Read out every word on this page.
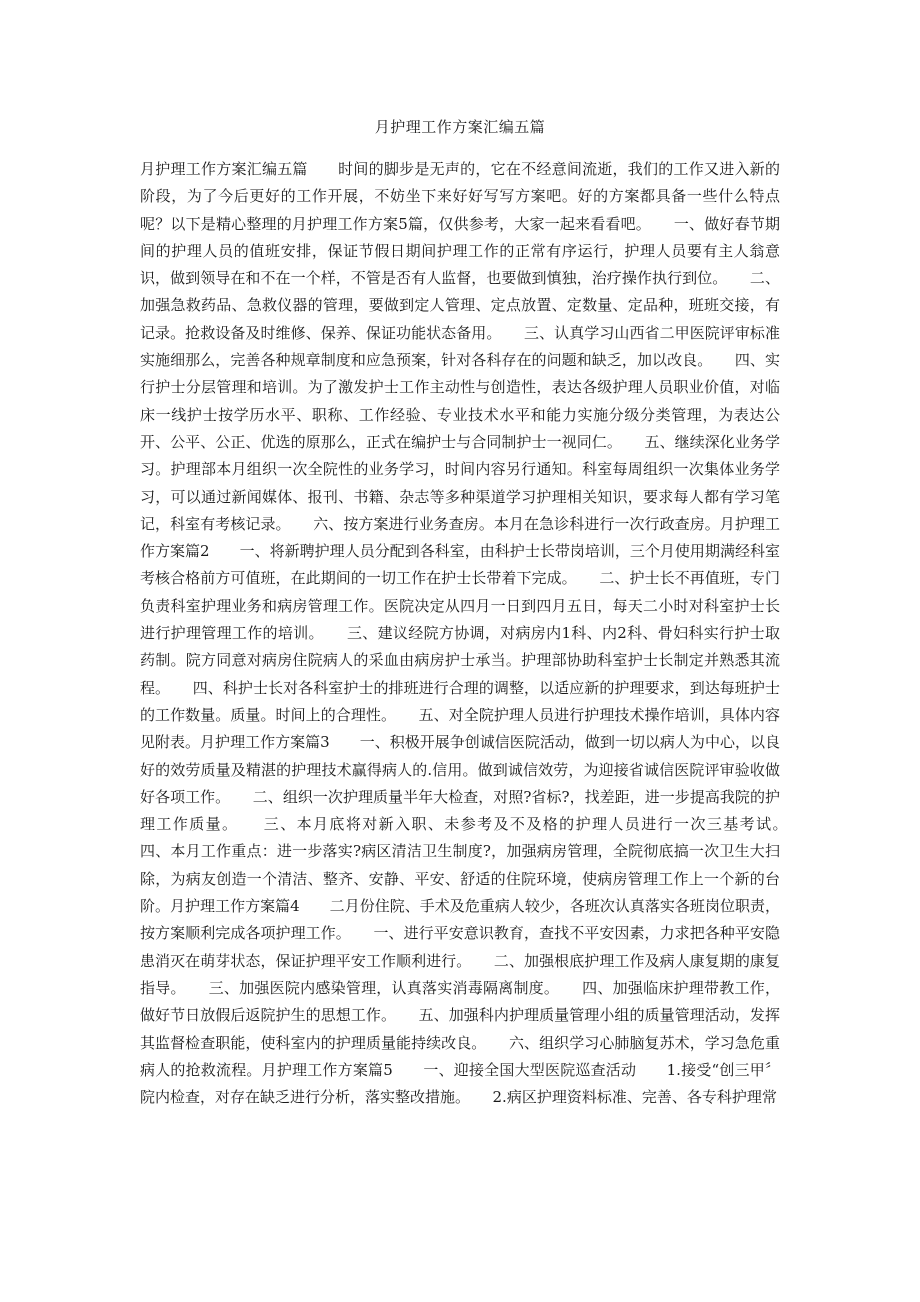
月护理工作方案汇编五篇

月护理工作方案汇编五篇　　时间的脚步是无声的，它在不经意间流逝，我们的工作又进入新的阶段，为了今后更好的工作开展，不妨坐下来好好写写方案吧。好的方案都具备一些什么特点呢？以下是精心整理的月护理工作方案5篇，仅供参考，大家一起来看看吧。　　一、做好春节期间的护理人员的值班安排，保证节假日期间护理工作的正常有序运行，护理人员要有主人翁意识，做到领导在和不在一个样，不管是否有人监督，也要做到慎独，治疗操作执行到位。　　二、加强急救药品、急救仪器的管理，要做到定人管理、定点放置、定数量、定品种，班班交接，有记录。抢救设备及时维修、保养、保证功能状态备用。　　三、认真学习山西省二甲医院评审标准实施细那么，完善各种规章制度和应急预案，针对各科存在的问题和缺乏，加以改良。　　四、实行护士分层管理和培训。为了激发护士工作主动性与创造性，表达各级护理人员职业价值，对临床一线护士按学历水平、职称、工作经验、专业技术水平和能力实施分级分类管理，为表达公开、公平、公正、优选的原那么，正式在编护士与合同制护士一视同仁。　　五、继续深化业务学习。护理部本月组织一次全院性的业务学习，时间内容另行通知。科室每周组织一次集体业务学习，可以通过新闻媒体、报刊、书籍、杂志等多种渠道学习护理相关知识，要求每人都有学习笔记，科室有考核记录。　　六、按方案进行业务查房。本月在急诊科进行一次行政查房。月护理工作方案篇2　　一、将新聘护理人员分配到各科室，由科护士长带岗培训，三个月使用期满经科室考核合格前方可值班，在此期间的一切工作在护士长带着下完成。　　二、护士长不再值班，专门负责科室护理业务和病房管理工作。医院决定从四月一日到四月五日，每天二小时对科室护士长进行护理管理工作的培训。　　三、建议经院方协调，对病房内1科、内2科、骨妇科实行护士取药制。院方同意对病房住院病人的采血由病房护士承当。护理部协助科室护士长制定并熟悉其流程。　　四、科护士长对各科室护士的排班进行合理的调整，以适应新的护理要求，到达每班护士的工作数量。质量。时间上的合理性。　　五、对全院护理人员进行护理技术操作培训，具体内容见附表。月护理工作方案篇3　　一、积极开展争创诚信医院活动，做到一切以病人为中心，以良好的效劳质量及精湛的护理技术赢得病人的.信用。做到诚信效劳，为迎接省诚信医院评审验收做好各项工作。　　二、组织一次护理质量半年大检查，对照?省标?，找差距，进一步提高我院的护理工作质量。　　三、本月底将对新入职、未参考及不及格的护理人员进行一次三基考试。　　四、本月工作重点：进一步落实?病区清洁卫生制度?，加强病房管理，全院彻底搞一次卫生大扫除，为病友创造一个清洁、整齐、安静、平安、舒适的住院环境，使病房管理工作上一个新的台阶。月护理工作方案篇4　　二月份住院、手术及危重病人较少，各班次认真落实各班岗位职责，按方案顺利完成各项护理工作。　　一、进行平安意识教育，查找不平安因素，力求把各种平安隐患消灭在萌芽状态，保证护理平安工作顺利进行。　　二、加强根底护理工作及病人康复期的康复指导。　　三、加强医院内感染管理，认真落实消毒隔离制度。　　四、加强临床护理带教工作，做好节日放假后返院护生的思想工作。　　五、加强科内护理质量管理小组的质量管理活动，发挥其监督检查职能，使科室内的护理质量能持续改良。　　六、组织学习心肺脑复苏术，学习急危重病人的抢救流程。月护理工作方案篇5　　一、迎接全国大型医院巡查活动　　1.接受“创三甲〞院内检查，对存在缺乏进行分析，落实整改措施。　　2.病区护理资料标准、完善、各专科护理常
